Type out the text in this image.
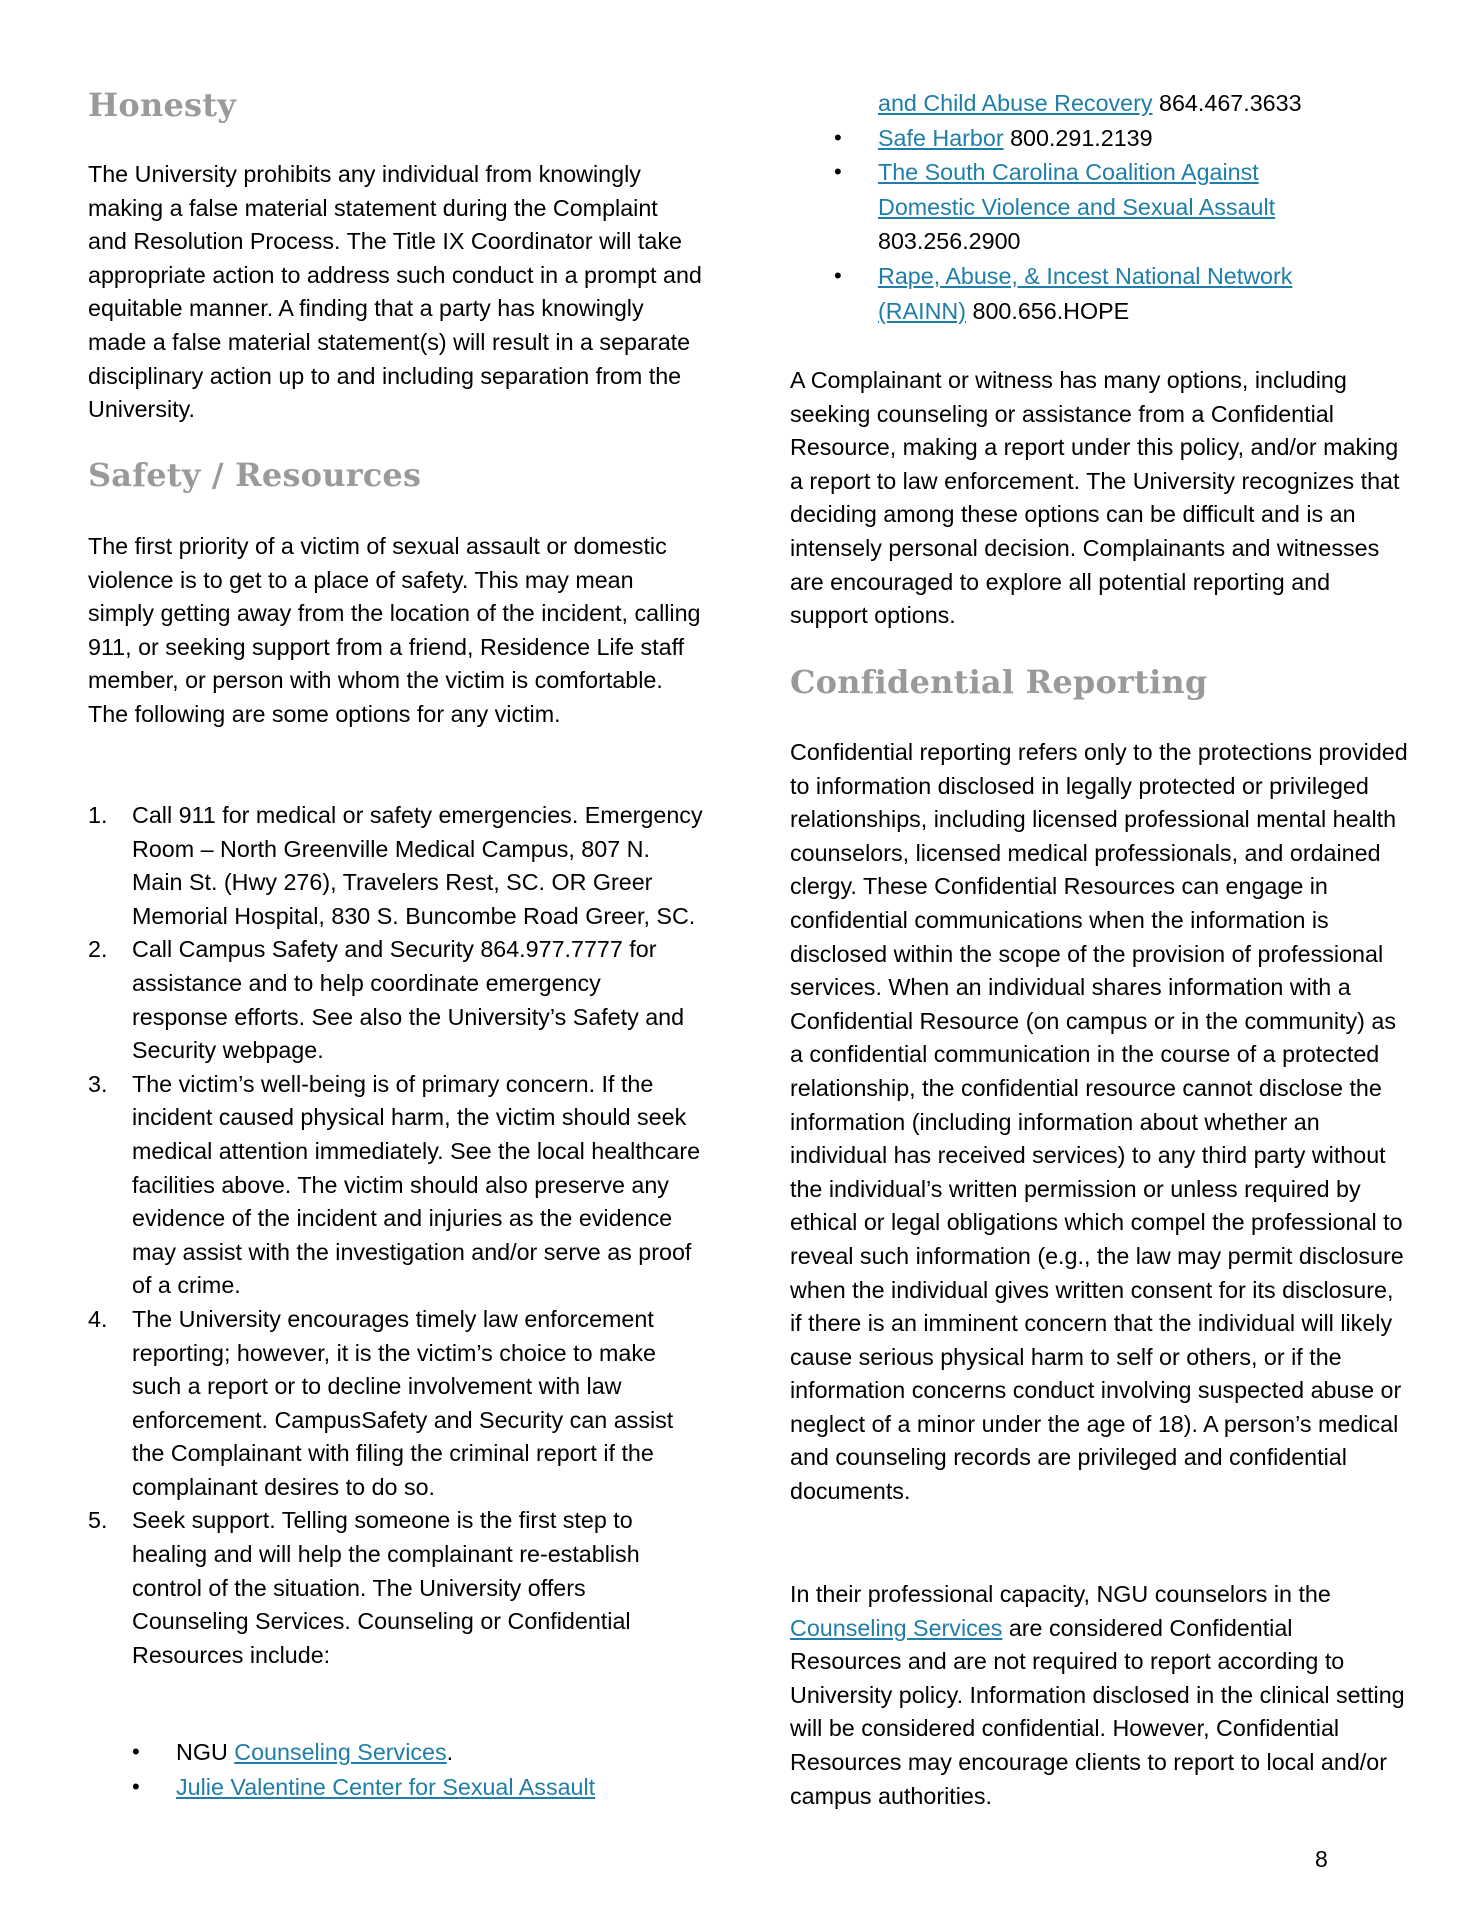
Honesty

The University prohibits any individual from knowingly making a false material statement during the Complaint and Resolution Process. The Title IX Coordinator will take appropriate action to address such conduct in a prompt and equitable manner. A finding that a party has knowingly made a false material statement(s) will result in a separate disciplinary action up to and including separation from the University.

Safety / Resources

The first priority of a victim of sexual assault or domestic violence is to get to a place of safety. This may mean simply getting away from the location of the incident, calling 911, or seeking support from a friend, Residence Life staff member, or person with whom the victim is comfortable. The following are some options for any victim.

1. Call 911 for medical or safety emergencies. Emergency Room – North Greenville Medical Campus, 807 N. Main St. (Hwy 276), Travelers Rest, SC. OR Greer Memorial Hospital, 830 S. Buncombe Road Greer, SC.
2. Call Campus Safety and Security 864.977.7777 for assistance and to help coordinate emergency response efforts. See also the University’s Safety and Security webpage.
3. The victim’s well-being is of primary concern. If the incident caused physical harm, the victim should seek medical attention immediately. See the local healthcare facilities above. The victim should also preserve any evidence of the incident and injuries as the evidence may assist with the investigation and/or serve as proof of a crime.
4. The University encourages timely law enforcement reporting; however, it is the victim’s choice to make such a report or to decline involvement with law enforcement. CampusSafety and Security can assist the Complainant with filing the criminal report if the complainant desires to do so.
5. Seek support. Telling someone is the first step to healing and will help the complainant re-establish control of the situation. The University offers Counseling Services. Counseling or Confidential Resources include:
• NGU Counseling Services.
• Julie Valentine Center for Sexual Assault
and Child Abuse Recovery 864.467.3633
• Safe Harbor 800.291.2139
• The South Carolina Coalition Against
Domestic Violence and Sexual Assault
803.256.2900
• Rape, Abuse, & Incest National Network
(RAINN) 800.656.HOPE

A Complainant or witness has many options, including seeking counseling or assistance from a Confidential Resource, making a report under this policy, and/or making a report to law enforcement. The University recognizes that deciding among these options can be difficult and is an intensely personal decision. Complainants and witnesses are encouraged to explore all potential reporting and support options.

Confidential Reporting

Confidential reporting refers only to the protections provided to information disclosed in legally protected or privileged relationships, including licensed professional mental health counselors, licensed medical professionals, and ordained clergy. These Confidential Resources can engage in confidential communications when the information is disclosed within the scope of the provision of professional services. When an individual shares information with a Confidential Resource (on campus or in the community) as a confidential communication in the course of a protected relationship, the confidential resource cannot disclose the information (including information about whether an individual has received services) to any third party without the individual’s written permission or unless required by ethical or legal obligations which compel the professional to reveal such information (e.g., the law may permit disclosure when the individual gives written consent for its disclosure, if there is an imminent concern that the individual will likely cause serious physical harm to self or others, or if the information concerns conduct involving suspected abuse or neglect of a minor under the age of 18). A person’s medical and counseling records are privileged and confidential documents.

In their professional capacity, NGU counselors in the Counseling Services are considered Confidential Resources and are not required to report according to University policy. Information disclosed in the clinical setting will be considered confidential. However, Confidential Resources may encourage clients to report to local and/or campus authorities.

8
